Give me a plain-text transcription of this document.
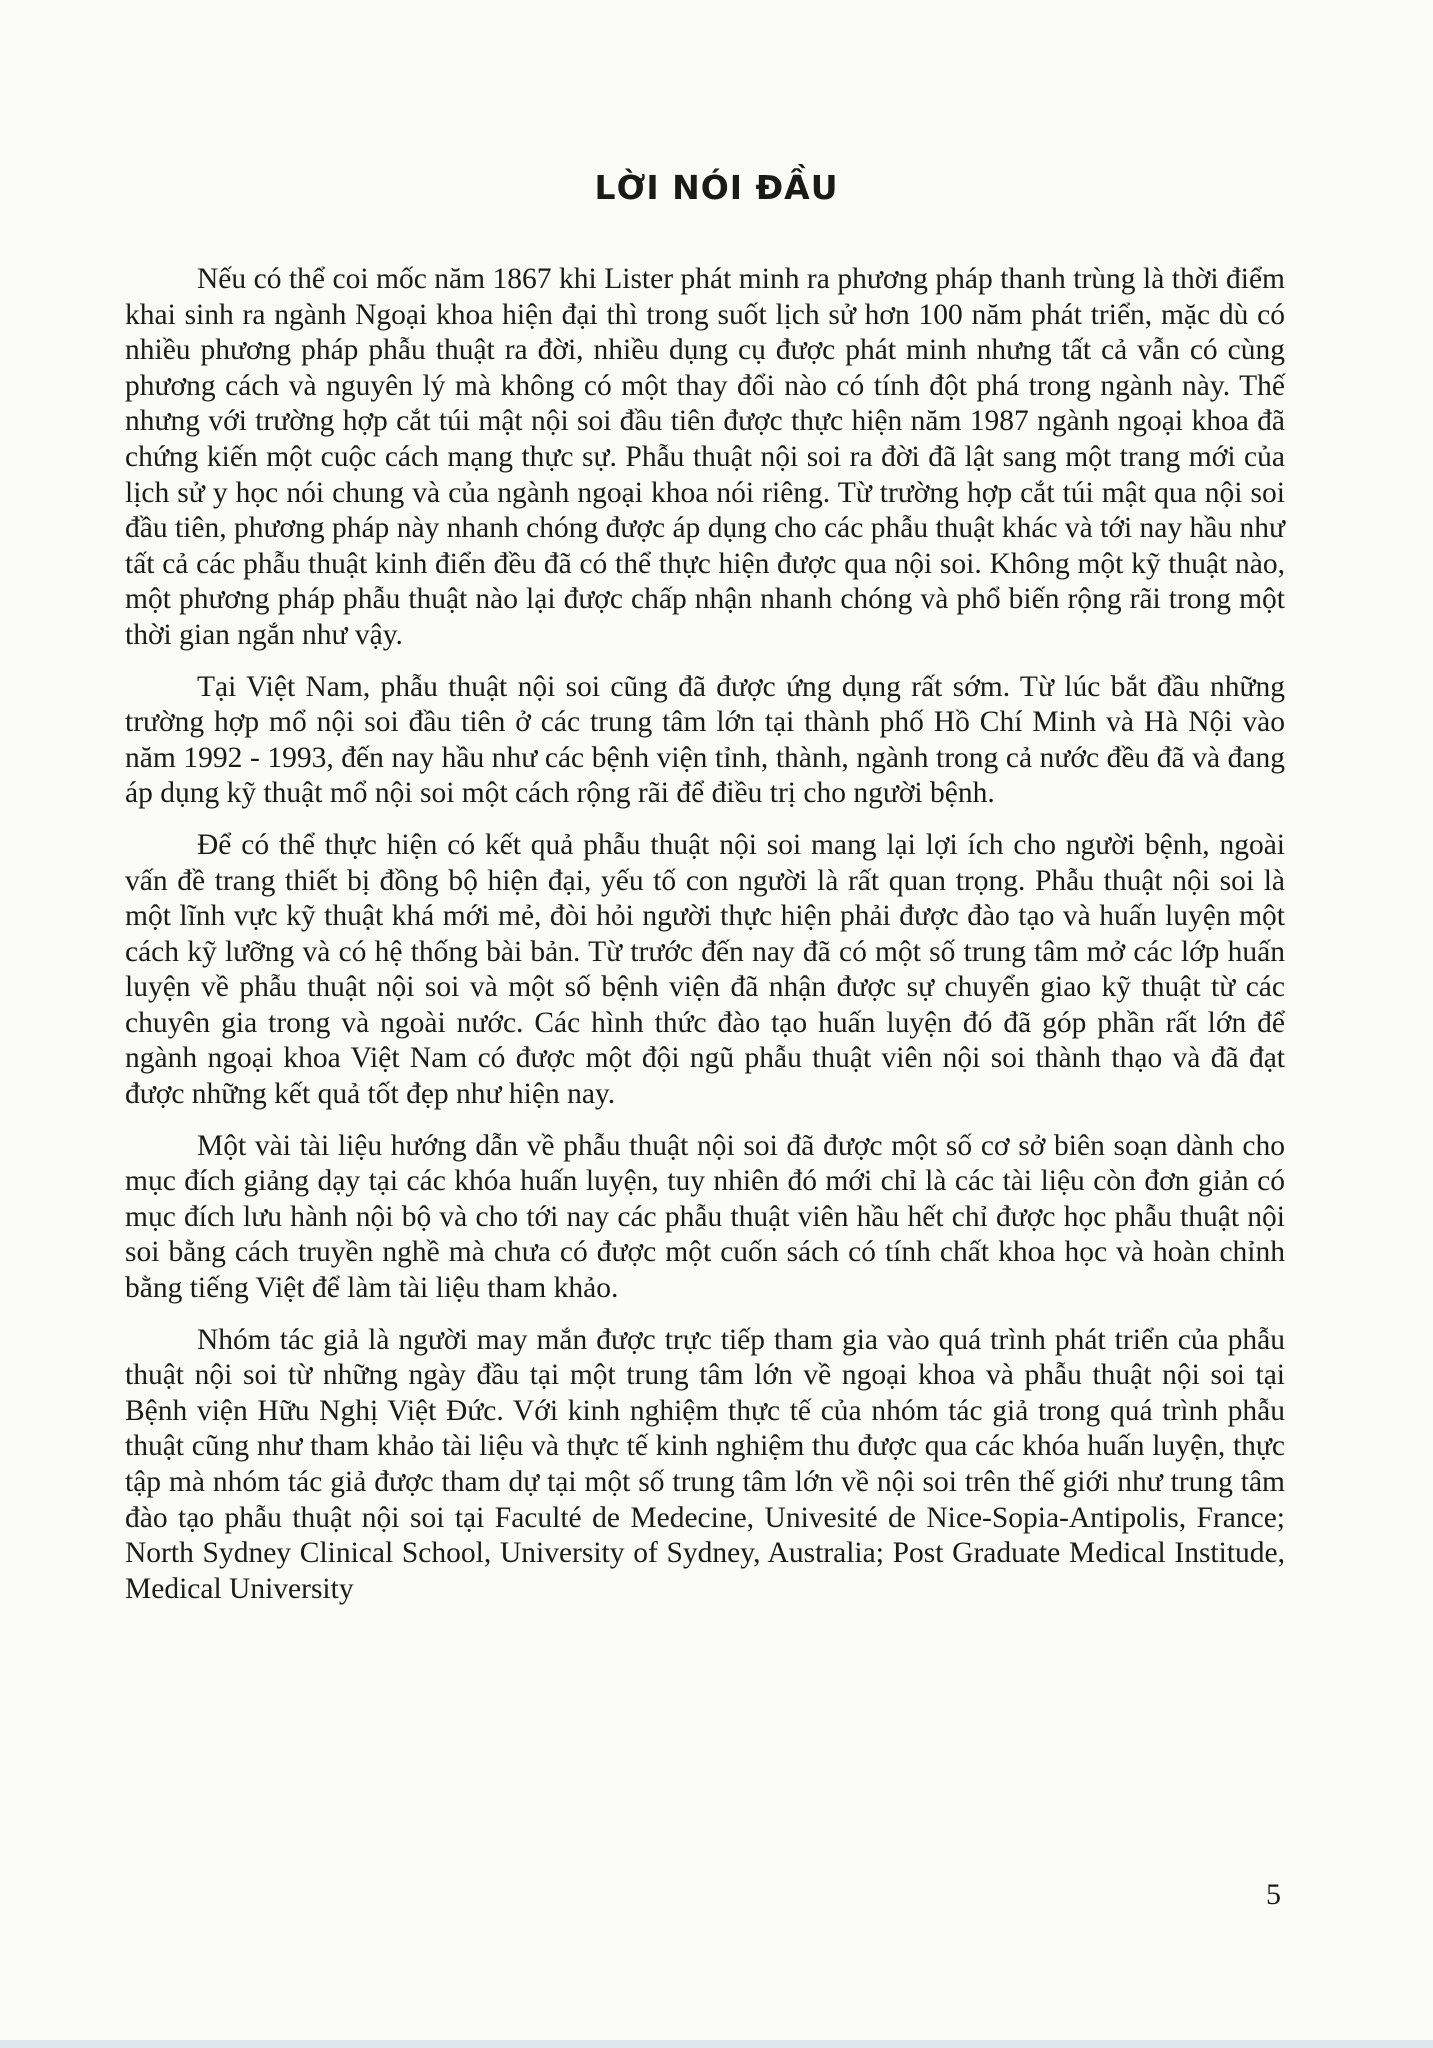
LỜI NÓI ĐẦU

Nếu có thể coi mốc năm 1867 khi Lister phát minh ra phương pháp thanh trùng là thời điểm khai sinh ra ngành Ngoại khoa hiện đại thì trong suốt lịch sử hơn 100 năm phát triển, mặc dù có nhiều phương pháp phẫu thuật ra đời, nhiều dụng cụ được phát minh nhưng tất cả vẫn có cùng phương cách và nguyên lý mà không có một thay đổi nào có tính đột phá trong ngành này. Thế nhưng với trường hợp cắt túi mật nội soi đầu tiên được thực hiện năm 1987 ngành ngoại khoa đã chứng kiến một cuộc cách mạng thực sự. Phẫu thuật nội soi ra đời đã lật sang một trang mới của lịch sử y học nói chung và của ngành ngoại khoa nói riêng. Từ trường hợp cắt túi mật qua nội soi đầu tiên, phương pháp này nhanh chóng được áp dụng cho các phẫu thuật khác và tới nay hầu như tất cả các phẫu thuật kinh điển đều đã có thể thực hiện được qua nội soi. Không một kỹ thuật nào, một phương pháp phẫu thuật nào lại được chấp nhận nhanh chóng và phổ biến rộng rãi trong một thời gian ngắn như vậy.

Tại Việt Nam, phẫu thuật nội soi cũng đã được ứng dụng rất sớm. Từ lúc bắt đầu những trường hợp mổ nội soi đầu tiên ở các trung tâm lớn tại thành phố Hồ Chí Minh và Hà Nội vào năm 1992 - 1993, đến nay hầu như các bệnh viện tỉnh, thành, ngành trong cả nước đều đã và đang áp dụng kỹ thuật mổ nội soi một cách rộng rãi để điều trị cho người bệnh.

Để có thể thực hiện có kết quả phẫu thuật nội soi mang lại lợi ích cho người bệnh, ngoài vấn đề trang thiết bị đồng bộ hiện đại, yếu tố con người là rất quan trọng. Phẫu thuật nội soi là một lĩnh vực kỹ thuật khá mới mẻ, đòi hỏi người thực hiện phải được đào tạo và huấn luyện một cách kỹ lưỡng và có hệ thống bài bản. Từ trước đến nay đã có một số trung tâm mở các lớp huấn luyện về phẫu thuật nội soi và một số bệnh viện đã nhận được sự chuyển giao kỹ thuật từ các chuyên gia trong và ngoài nước. Các hình thức đào tạo huấn luyện đó đã góp phần rất lớn để ngành ngoại khoa Việt Nam có được một đội ngũ phẫu thuật viên nội soi thành thạo và đã đạt được những kết quả tốt đẹp như hiện nay.

Một vài tài liệu hướng dẫn về phẫu thuật nội soi đã được một số cơ sở biên soạn dành cho mục đích giảng dạy tại các khóa huấn luyện, tuy nhiên đó mới chỉ là các tài liệu còn đơn giản có mục đích lưu hành nội bộ và cho tới nay các phẫu thuật viên hầu hết chỉ được học phẫu thuật nội soi bằng cách truyền nghề mà chưa có được một cuốn sách có tính chất khoa học và hoàn chỉnh bằng tiếng Việt để làm tài liệu tham khảo.

Nhóm tác giả là người may mắn được trực tiếp tham gia vào quá trình phát triển của phẫu thuật nội soi từ những ngày đầu tại một trung tâm lớn về ngoại khoa và phẫu thuật nội soi tại Bệnh viện Hữu Nghị Việt Đức. Với kinh nghiệm thực tế của nhóm tác giả trong quá trình phẫu thuật cũng như tham khảo tài liệu và thực tế kinh nghiệm thu được qua các khóa huấn luyện, thực tập mà nhóm tác giả được tham dự tại một số trung tâm lớn về nội soi trên thế giới như trung tâm đào tạo phẫu thuật nội soi tại Faculté de Medecine, Univesité de Nice-Sopia-Antipolis, France; North Sydney Clinical School, University of Sydney, Australia; Post Graduate Medical Institude, Medical University

5
